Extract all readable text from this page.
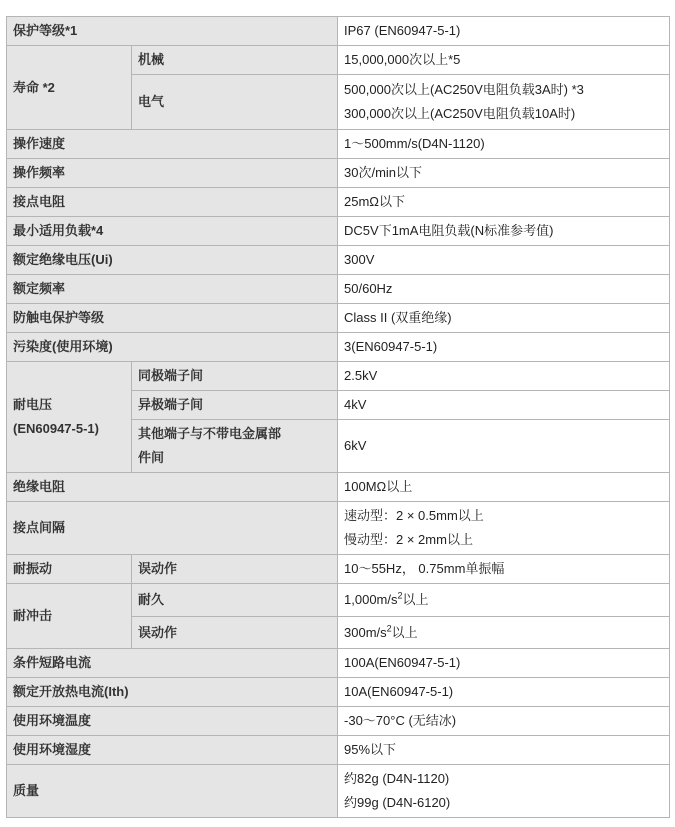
保护等级*1		IP67 (EN60947-5-1)
寿命 *2	机械	15,000,000次以上*5
	电气	500,000次以上(AC250V电阻负载3A时) *3
300,000次以上(AC250V电阻负载10A时)

操作速度		1～500mm/s(D4N-1120)
操作频率		30次/min以下
接点电阻		25mΩ以下
最小适用负载*4		DC5V下1mA电阻负载(N标准参考值)
额定绝缘电压(Ui)		300V
额定频率		50/60Hz
防触电保护等级		Class II (双重绝缘)
污染度(使用环境)		3(EN60947-5-1)

耐电压
(EN60947-5-1)	同极端子间	2.5kV
	异极端子间	4kV

	其他端子与不带电金属部
件间	6kV
绝缘电阻		100MΩ以上
接点间隔		速动型：2 × 0.5mm以上
慢动型：2 × 2mm以上

耐振动	误动作	10～55Hz， 0.75mm单振幅
耐冲击	耐久	$1,000m/s^2$以上
	误动作	$300m/s^2$以上
条件短路电流		100A(EN60947-5-1)
额定开放热电流(Ith)		10A(EN60947-5-1)
使用环境温度		-30～70°C (无结冰)
使用环境湿度		95%以下
质量		约82g (D4N-1120)
约99g (D4N-6120)
